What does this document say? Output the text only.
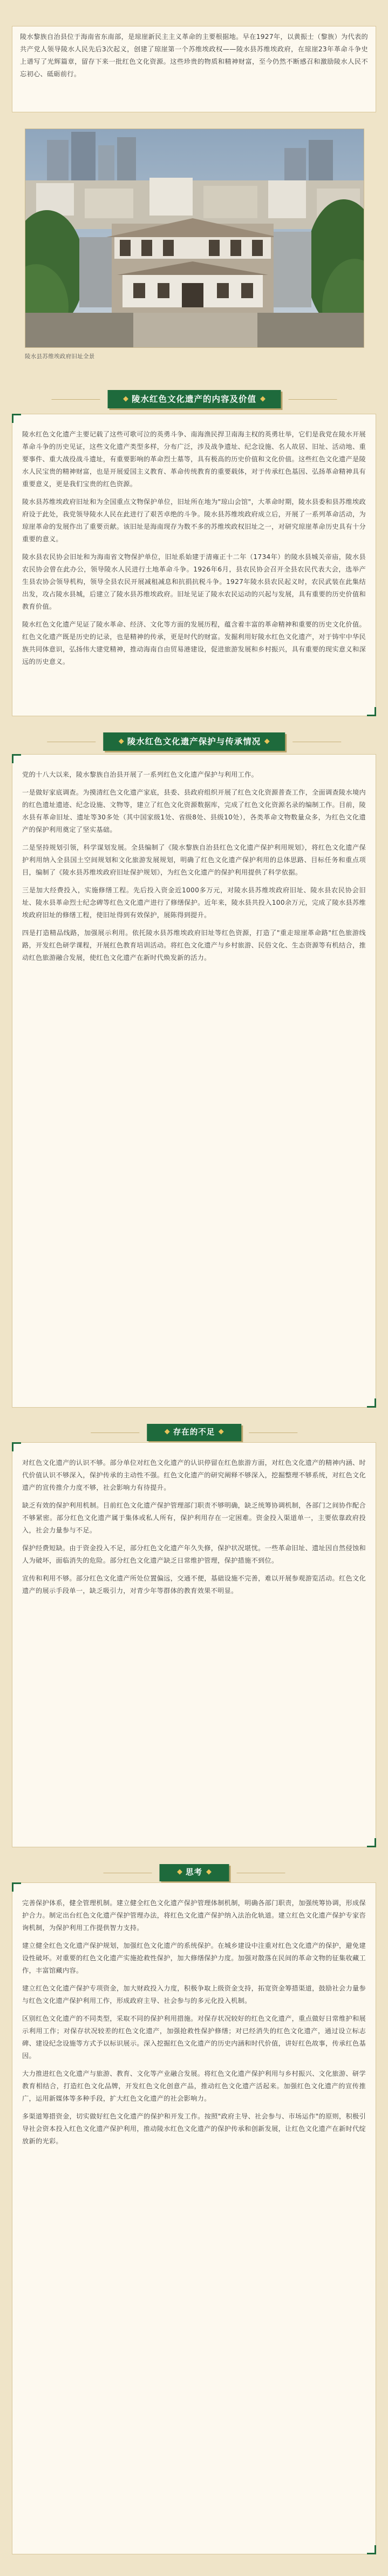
陵水黎族自治县位于海南省东南部，是琼崖新民主主义革命的主要根据地。早在1927年，以黄振士（黎族）为代表的共产党人领导陵水人民先后3次起义，创建了琼崖第一个苏维埃政权——陵水县苏维埃政府，在琼崖23年革命斗争史上谱写了光辉篇章，留存下来一批红色文化资源。这些珍贵的物质和精神财富，至今仍然不断感召和激励陵水人民不忘初心、砥砺前行。

陵水县苏维埃政府旧址全景
陵水红色文化遗产的内容及价值

陵水红色文化遗产主要记载了这些可歌可泣的英勇斗争、南海渔民捍卫南海主权的英勇壮举，它们是我党在陵水开展革命斗争的历史见证，这些文化遗产类型多样，分布广泛，涉及战争遗址、纪念设施、名人故居、旧址、活动地、重要事件、重大战役战斗遗址，有重要影响的革命烈士墓等，具有极高的历史价值和文化价值。这些红色文化遗产是陵水人民宝贵的精神财富，也是开展爱国主义教育、革命传统教育的重要载体，对于传承红色基因、弘扬革命精神具有重要意义，更是我们宝贵的红色资源。

陵水县苏维埃政府旧址和为全国重点文物保护单位，旧址所在地为"琼山会馆"，大革命时期，陵水县委和县苏维埃政府设于此处，我党领导陵水人民在此进行了艰苦卓绝的斗争。陵水县苏维埃政府成立后，开展了一系列革命活动，为琼崖革命的发展作出了重要贡献。该旧址是海南现存为数不多的苏维埃政权旧址之一，对研究琼崖革命历史具有十分重要的意义。

陵水县农民协会旧址和为海南省文物保护单位，旧址系始建于清雍正十二年（1734年）的陵水县城关帝庙，陵水县农民协会曾在此办公，领导陵水人民进行土地革命斗争。1926年6月，县农民协会召开全县农民代表大会，选举产生县农协会领导机构，领导全县农民开展减租减息和抗捐抗税斗争。1927年陵水县农民起义时，农民武装在此集结出发，攻占陵水县城，后建立了陵水县苏维埃政府。旧址见证了陵水农民运动的兴起与发展，具有重要的历史价值和教育价值。

陵水红色文化遗产见证了陵水革命、经济、文化等方面的发展历程，蕴含着丰富的革命精神和重要的历史文化价值。红色文化遗产既是历史的记录，也是精神的传承，更是时代的财富。发掘利用好陵水红色文化遗产，对于铸牢中华民族共同体意识，弘扬伟大建党精神，推动海南自由贸易港建设，促进旅游发展和乡村振兴，具有重要的现实意义和深远的历史意义。

陵水红色文化遗产保护与传承情况

党的十八大以来，陵水黎族自治县开展了一系列红色文化遗产保护与利用工作。

一是做好家底调查。为摸清红色文化遗产家底，县委、县政府组织开展了红色文化资源普查工作，全面调查陵水境内的红色遗址遗迹、纪念设施、文物等，建立了红色文化资源数据库，完成了红色文化资源名录的编制工作。目前，陵水县有革命旧址、遗址等30多处（其中国家级1处、省级8处、县级10处），各类革命文物数量众多，为红色文化遗产的保护利用奠定了坚实基础。

二是坚持规划引领，科学谋划发展。全县编制了《陵水黎族自治县红色文化遗产保护利用规划》，将红色文化遗产保护利用纳入全县国土空间规划和文化旅游发展规划，明确了红色文化遗产保护利用的总体思路、目标任务和重点项目，编制了《陵水县苏维埃政府旧址保护规划》，为红色文化遗产的保护利用提供了科学依据。

三是加大经费投入，实施修缮工程。先后投入资金近1000多万元，对陵水县苏维埃政府旧址、陵水县农民协会旧址、陵水县革命烈士纪念碑等红色文化遗产进行了修缮保护。近年来，陵水县共投入100余万元，完成了陵水县苏维埃政府旧址的修缮工程，使旧址得到有效保护，展陈得到提升。

四是打造精品线路，加强展示利用。依托陵水县苏维埃政府旧址等红色资源，打造了"重走琼崖革命路"红色旅游线路，开发红色研学课程，开展红色教育培训活动。将红色文化遗产与乡村旅游、民俗文化、生态资源等有机结合，推动红色旅游融合发展，使红色文化遗产在新时代焕发新的活力。

存在的不足

对红色文化遗产的认识不够。部分单位对红色文化遗产的认识停留在红色旅游方面，对红色文化遗产的精神内涵、时代价值认识不够深入，保护传承的主动性不强。红色文化遗产的研究阐释不够深入，挖掘整理不够系统，对红色文化遗产的宣传推介力度不够，社会影响力有待提升。

缺乏有效的保护利用机制。目前红色文化遗产保护管理部门职责不够明确，缺乏统筹协调机制，各部门之间协作配合不够紧密。部分红色文化遗产属于集体或私人所有，保护利用存在一定困难。资金投入渠道单一，主要依靠政府投入，社会力量参与不足。

保护经费短缺。由于资金投入不足，部分红色文化遗产年久失修，保护状况堪忧。一些革命旧址、遗址因自然侵蚀和人为破坏，面临消失的危险。部分红色文化遗产缺乏日常维护管理，保护措施不到位。

宣传和利用不够。部分红色文化遗产所处位置偏远，交通不便，基础设施不完善，难以开展参观游览活动。红色文化遗产的展示手段单一，缺乏吸引力，对青少年等群体的教育效果不明显。

思考

完善保护体系，健全管理机制。建立健全红色文化遗产保护管理体制机制，明确各部门职责，加强统筹协调，形成保护合力。制定出台红色文化遗产保护管理办法，将红色文化遗产保护纳入法治化轨道。建立红色文化遗产保护专家咨询机制，为保护利用工作提供智力支持。

建立健全红色文化遗产保护规划，加强红色文化遗产的系统保护。在城乡建设中注重对红色文化遗产的保护，避免建设性破坏。对重要的红色文化遗产实施抢救性保护，加大修缮保护力度。加强对散落在民间的革命文物的征集收藏工作，丰富馆藏内容。

建立红色文化遗产保护专项资金，加大财政投入力度，积极争取上级资金支持，拓宽资金筹措渠道，鼓励社会力量参与红色文化遗产保护利用工作，形成政府主导、社会参与的多元化投入机制。

区别红色文化遗产的不同类型，采取不同的保护利用措施。对保存状况较好的红色文化遗产，重点做好日常维护和展示利用工作；对保存状况较差的红色文化遗产，加强抢救性保护修缮；对已经消失的红色文化遗产，通过设立标志碑、建设纪念设施等方式予以标识展示。深入挖掘红色文化遗产的历史内涵和时代价值，讲好红色故事，传承红色基因。

大力推进红色文化遗产与旅游、教育、文化等产业融合发展。将红色文化遗产保护利用与乡村振兴、文化旅游、研学教育相结合，打造红色文化品牌，开发红色文化创意产品，推动红色文化遗产活起来。加强红色文化遗产的宣传推广，运用新媒体等多种手段，扩大红色文化遗产的社会影响力。

多渠道筹措资金，切实做好红色文化遗产的保护和开发工作。按照"政府主导、社会参与、市场运作"的原则，积极引导社会资本投入红色文化遗产保护利用，推动陵水红色文化遗产的保护传承和创新发展，让红色文化遗产在新时代绽放新的光彩。
